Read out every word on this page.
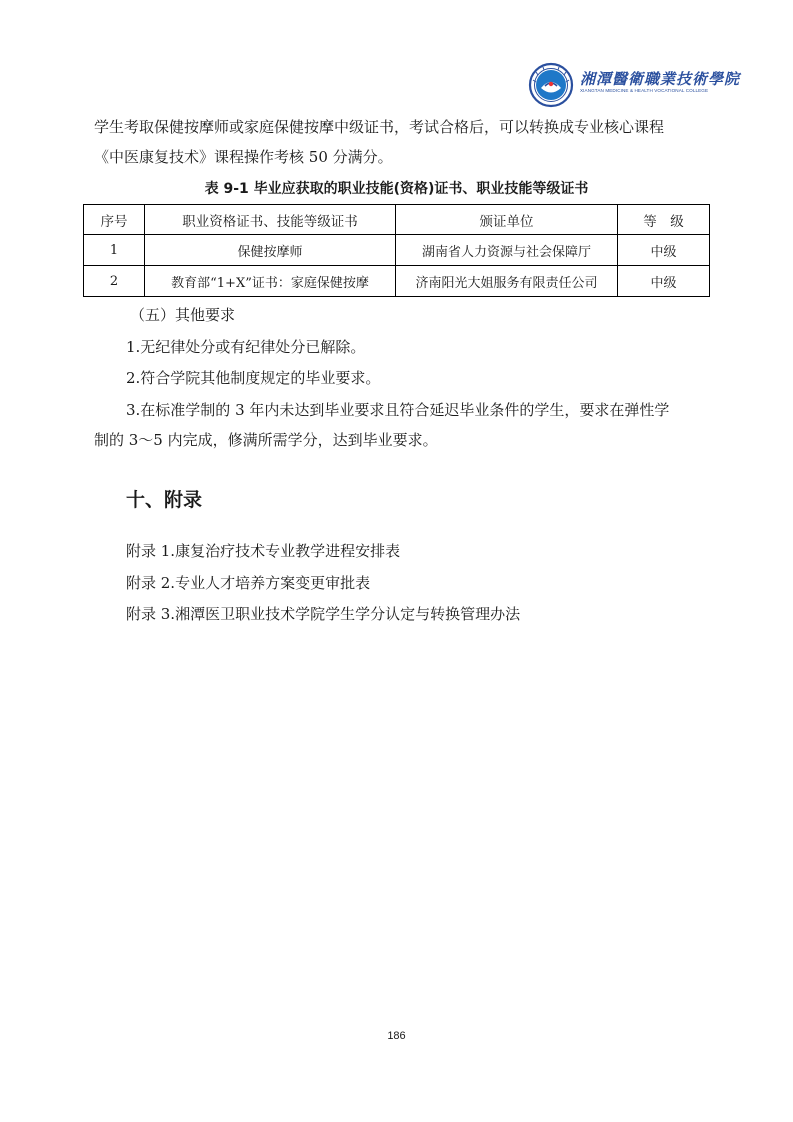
湘潭醫衛職業技術學院
XIANGTAN MEDICINE & HEALTH VOCATIONAL COLLEGE
学生考取保健按摩师或家庭保健按摩中级证书，考试合格后，可以转换成专业核心课程
《中医康复技术》课程操作考核 50 分满分。
表 9-1 毕业应获取的职业技能(资格)证书、职业技能等级证书
序号	职业资格证书、技能等级证书	颁证单位	等　级
1	保健按摩师	湖南省人力资源与社会保障厅	中级
2	教育部“1+X”证书：家庭保健按摩	济南阳光大姐服务有限责任公司	中级
（五）其他要求
1.无纪律处分或有纪律处分已解除。
2.符合学院其他制度规定的毕业要求。
3.在标准学制的 3 年内未达到毕业要求且符合延迟毕业条件的学生，要求在弹性学
制的 3～5 内完成，修满所需学分，达到毕业要求。
十、附录
附录 1.康复治疗技术专业教学进程安排表
附录 2.专业人才培养方案变更审批表
附录 3.湘潭医卫职业技术学院学生学分认定与转换管理办法
186
